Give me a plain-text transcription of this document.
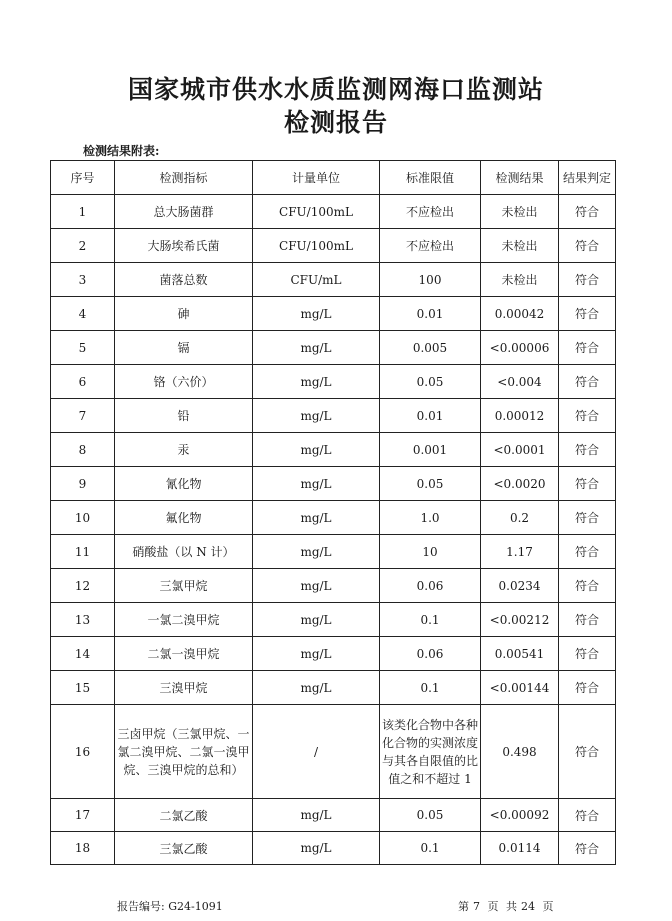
国家城市供水水质监测网海口监测站
检测报告
检测结果附表:
序号	检测指标	计量单位	标准限值	检测结果	结果判定
1	总大肠菌群	CFU/100mL	不应检出	未检出	符合
2	大肠埃希氏菌	CFU/100mL	不应检出	未检出	符合
3	菌落总数	CFU/mL	100	未检出	符合
4	砷	mg/L	0.01	0.00042	符合
5	镉	mg/L	0.005	<0.00006	符合
6	铬（六价）	mg/L	0.05	<0.004	符合
7	铅	mg/L	0.01	0.00012	符合
8	汞	mg/L	0.001	<0.0001	符合
9	氰化物	mg/L	0.05	<0.0020	符合
10	氟化物	mg/L	1.0	0.2	符合
11	硝酸盐（以 N 计）	mg/L	10	1.17	符合
12	三氯甲烷	mg/L	0.06	0.0234	符合
13	一氯二溴甲烷	mg/L	0.1	<0.00212	符合
14	二氯一溴甲烷	mg/L	0.06	0.00541	符合
15	三溴甲烷	mg/L	0.1	<0.00144	符合
16	三卤甲烷（三氯甲烷、一氯二溴甲烷、二氯一溴甲烷、三溴甲烷的总和）	/	该类化合物中各种化合物的实测浓度与其各自限值的比值之和不超过 1	0.498	符合
17	二氯乙酸	mg/L	0.05	<0.00092	符合
18	三氯乙酸	mg/L	0.1	0.0114	符合
报告编号: G24-1091	第 7 页 共 24 页
